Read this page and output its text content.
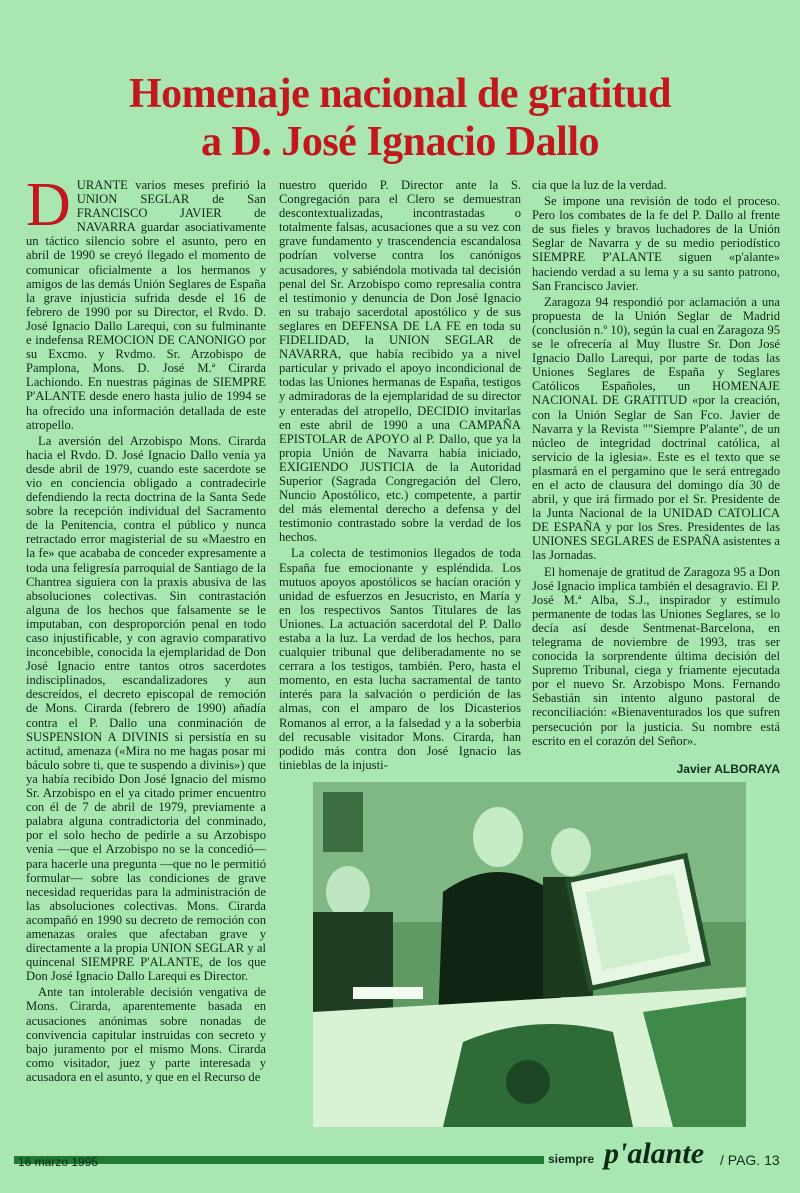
Homenaje nacional de gratitud
a D. José Ignacio Dallo

DURANTE varios meses prefirió la UNION SEGLAR de San FRANCISCO JAVIER de NAVARRA guardar asociativamente un táctico silencio sobre el asunto, pero en abril de 1990 se creyó llegado el momento de comunicar oficialmente a los hermanos y amigos de las demás Unión Seglares de España la grave injusticia sufrida desde el 16 de febrero de 1990 por su Director, el Rvdo. D. José Ignacio Dallo Larequi, con su fulminante e indefensa REMOCION DE CANONIGO por su Excmo. y Rvdmo. Sr. Arzobispo de Pamplona, Mons. D. José M.ª Cirarda Lachiondo. En nuestras páginas de SIEMPRE P'ALANTE desde enero hasta julio de 1994 se ha ofrecido una información detallada de este atropello.

La aversión del Arzobispo Mons. Cirarda hacia el Rvdo. D. José Ignacio Dallo venía ya desde abril de 1979, cuando este sacerdote se vio en conciencia obligado a contradecirle defendiendo la recta doctrina de la Santa Sede sobre la recepción individual del Sacramento de la Penitencia, contra el público y nunca retractado error magisterial de su «Maestro en la fe» que acababa de conceder expresamente a toda una feligresía parroquial de Santiago de la Chantrea siguiera con la praxis abusiva de las absoluciones colectivas. Sin contrastación alguna de los hechos que falsamente se le imputaban, con desproporción penal en todo caso injustificable, y con agravio comparativo inconcebible, conocida la ejemplaridad de Don José Ignacio entre tantos otros sacerdotes indisciplinados, escandalizadores y aun descreídos, el decreto episcopal de remoción de Mons. Cirarda (febrero de 1990) añadía contra el P. Dallo una conminación de SUSPENSION A DIVINIS si persistía en su actitud, amenaza («Mira no me hagas posar mi báculo sobre ti, que te suspendo a divinis») que ya había recibido Don José Ignacio del mismo Sr. Arzobispo en el ya citado primer encuentro con él de 7 de abril de 1979, previamente a palabra alguna contradictoria del conminado, por el solo hecho de pedirle a su Arzobispo venia —que el Arzobispo no se la concedió— para hacerle una pregunta —que no le permitió formular— sobre las condiciones de grave necesidad requeridas para la administración de las absoluciones colectivas. Mons. Cirarda acompañó en 1990 su decreto de remoción con amenazas orales que afectaban grave y directamente a la propia UNION SEGLAR y al quincenal SIEMPRE P'ALANTE, de los que Don José Ignacio Dallo Larequi es Director.

Ante tan intolerable decisión vengativa de Mons. Cirarda, aparentemente basada en acusaciones anónimas sobre nonadas de convivencia capitular instruidas con secreto y bajo juramento por el mismo Mons. Cirarda como visitador, juez y parte interesada y acusadora en el asunto, y que en el Recurso de

nuestro querido P. Director ante la S. Congregación para el Clero se demuestran descontextualizadas, incontrastadas o totalmente falsas, acusaciones que a su vez con grave fundamento y trascendencia escandalosa podrían volverse contra los canónigos acusadores, y sabiéndola motivada tal decisión penal del Sr. Arzobispo como represalia contra el testimonio y denuncia de Don José Ignacio en su trabajo sacerdotal apostólico y de sus seglares en DEFENSA DE LA FE en toda su FIDELIDAD, la UNION SEGLAR de NAVARRA, que había recibido ya a nivel particular y privado el apoyo incondicional de todas las Uniones hermanas de España, testigos y admiradoras de la ejemplaridad de su director y enteradas del atropello, DECIDIO invitarlas en este abril de 1990 a una CAMPAÑA EPISTOLAR de APOYO al P. Dallo, que ya la propia Unión de Navarra había iniciado, EXIGIENDO JUSTICIA de la Autoridad Superior (Sagrada Congregación del Clero, Nuncio Apostólico, etc.) competente, a partir del más elemental derecho a defensa y del testimonio contrastado sobre la verdad de los hechos.

La colecta de testimonios llegados de toda España fue emocionante y espléndida. Los mutuos apoyos apostólicos se hacían oración y unidad de esfuerzos en Jesucristo, en María y en los respectivos Santos Titulares de las Uniones. La actuación sacerdotal del P. Dallo estaba a la luz. La verdad de los hechos, para cualquier tribunal que deliberadamente no se cerrara a los testigos, también. Pero, hasta el momento, en esta lucha sacramental de tanto interés para la salvación o perdición de las almas, con el amparo de los Dicasterios Romanos al error, a la falsedad y a la soberbia del recusable visitador Mons. Cirarda, han podido más contra don José Ignacio las tinieblas de la injusti-

cia que la luz de la verdad.

Se impone una revisión de todo el proceso. Pero los combates de la fe del P. Dallo al frente de sus fieles y bravos luchadores de la Unión Seglar de Navarra y de su medio periodístico SIEMPRE P'ALANTE siguen «p'alante» haciendo verdad a su lema y a su santo patrono, San Francisco Javier.

Zaragoza 94 respondió por aclamación a una propuesta de la Unión Seglar de Madrid (conclusión n.º 10), según la cual en Zaragoza 95 se le ofrecería al Muy Ilustre Sr. Don José Ignacio Dallo Larequi, por parte de todas las Uniones Seglares de España y Seglares Católicos Españoles, un HOMENAJE NACIONAL DE GRATITUD «por la creación, con la Unión Seglar de San Fco. Javier de Navarra y la Revista ""Siempre P'alante", de un núcleo de integridad doctrinal católica, al servicio de la iglesia». Este es el texto que se plasmará en el pergamino que le será entregado en el acto de clausura del domingo día 30 de abril, y que irá firmado por el Sr. Presidente de la Junta Nacional de la UNIDAD CATOLICA DE ESPAÑA y por los Sres. Presidentes de las UNIONES SEGLARES de ESPAÑA asistentes a las Jornadas.

El homenaje de gratitud de Zaragoza 95 a Don José Ignacio implica también el desagravio. El P. José M.ª Alba, S.J., inspirador y estímulo permanente de todas las Uniones Seglares, se lo decía así desde Sentmenat-Barcelona, en telegrama de noviembre de 1993, tras ser conocida la sorprendente última decisión del Supremo Tribunal, ciega y friamente ejecutada por el nuevo Sr. Arzobispo Mons. Fernando Sebastián sin intento alguno pastoral de reconciliación: «Bienaventurados los que sufren persecución por la justicia. Su nombre está escrito en el corazón del Señor».

Javier ALBORAYA
16 marzo 1995	siempre p'alante / PAG. 13
